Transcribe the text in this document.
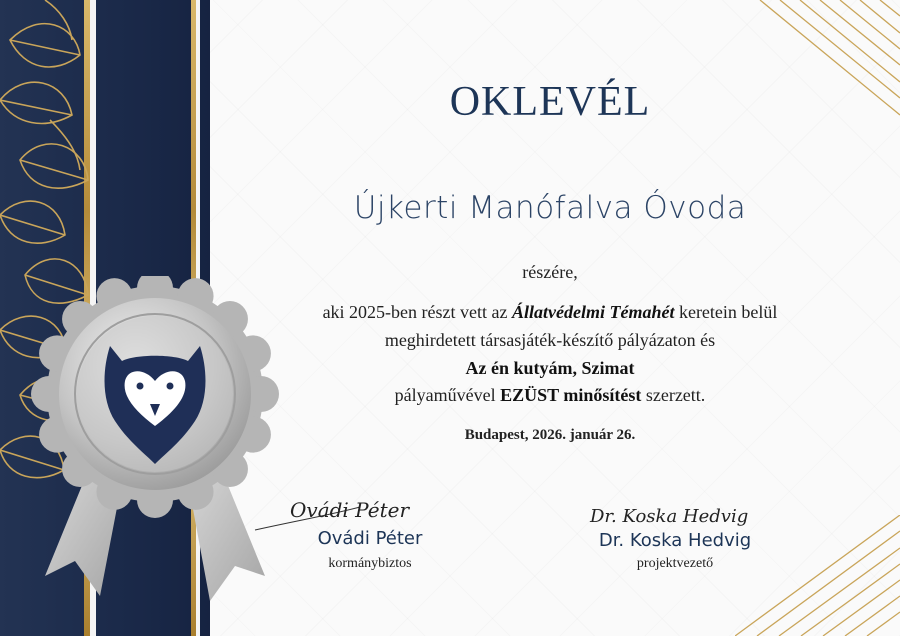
OKLEVÉL
Újkerti Manófalva Óvoda
részére,
aki 2025-ben részt vett az Állatvédelmi Témahét keretein belül
meghirdetett társasjáték-készítő pályázaton és
Az én kutyám, Szimat
pályaművével EZÜST minősítést szerzett.
Budapest, 2026. január 26.
Ovádi Péter
Ovádi Péter
kormánybiztos
Dr. Koska Hedvig
Dr. Koska Hedvig
projektvezető
